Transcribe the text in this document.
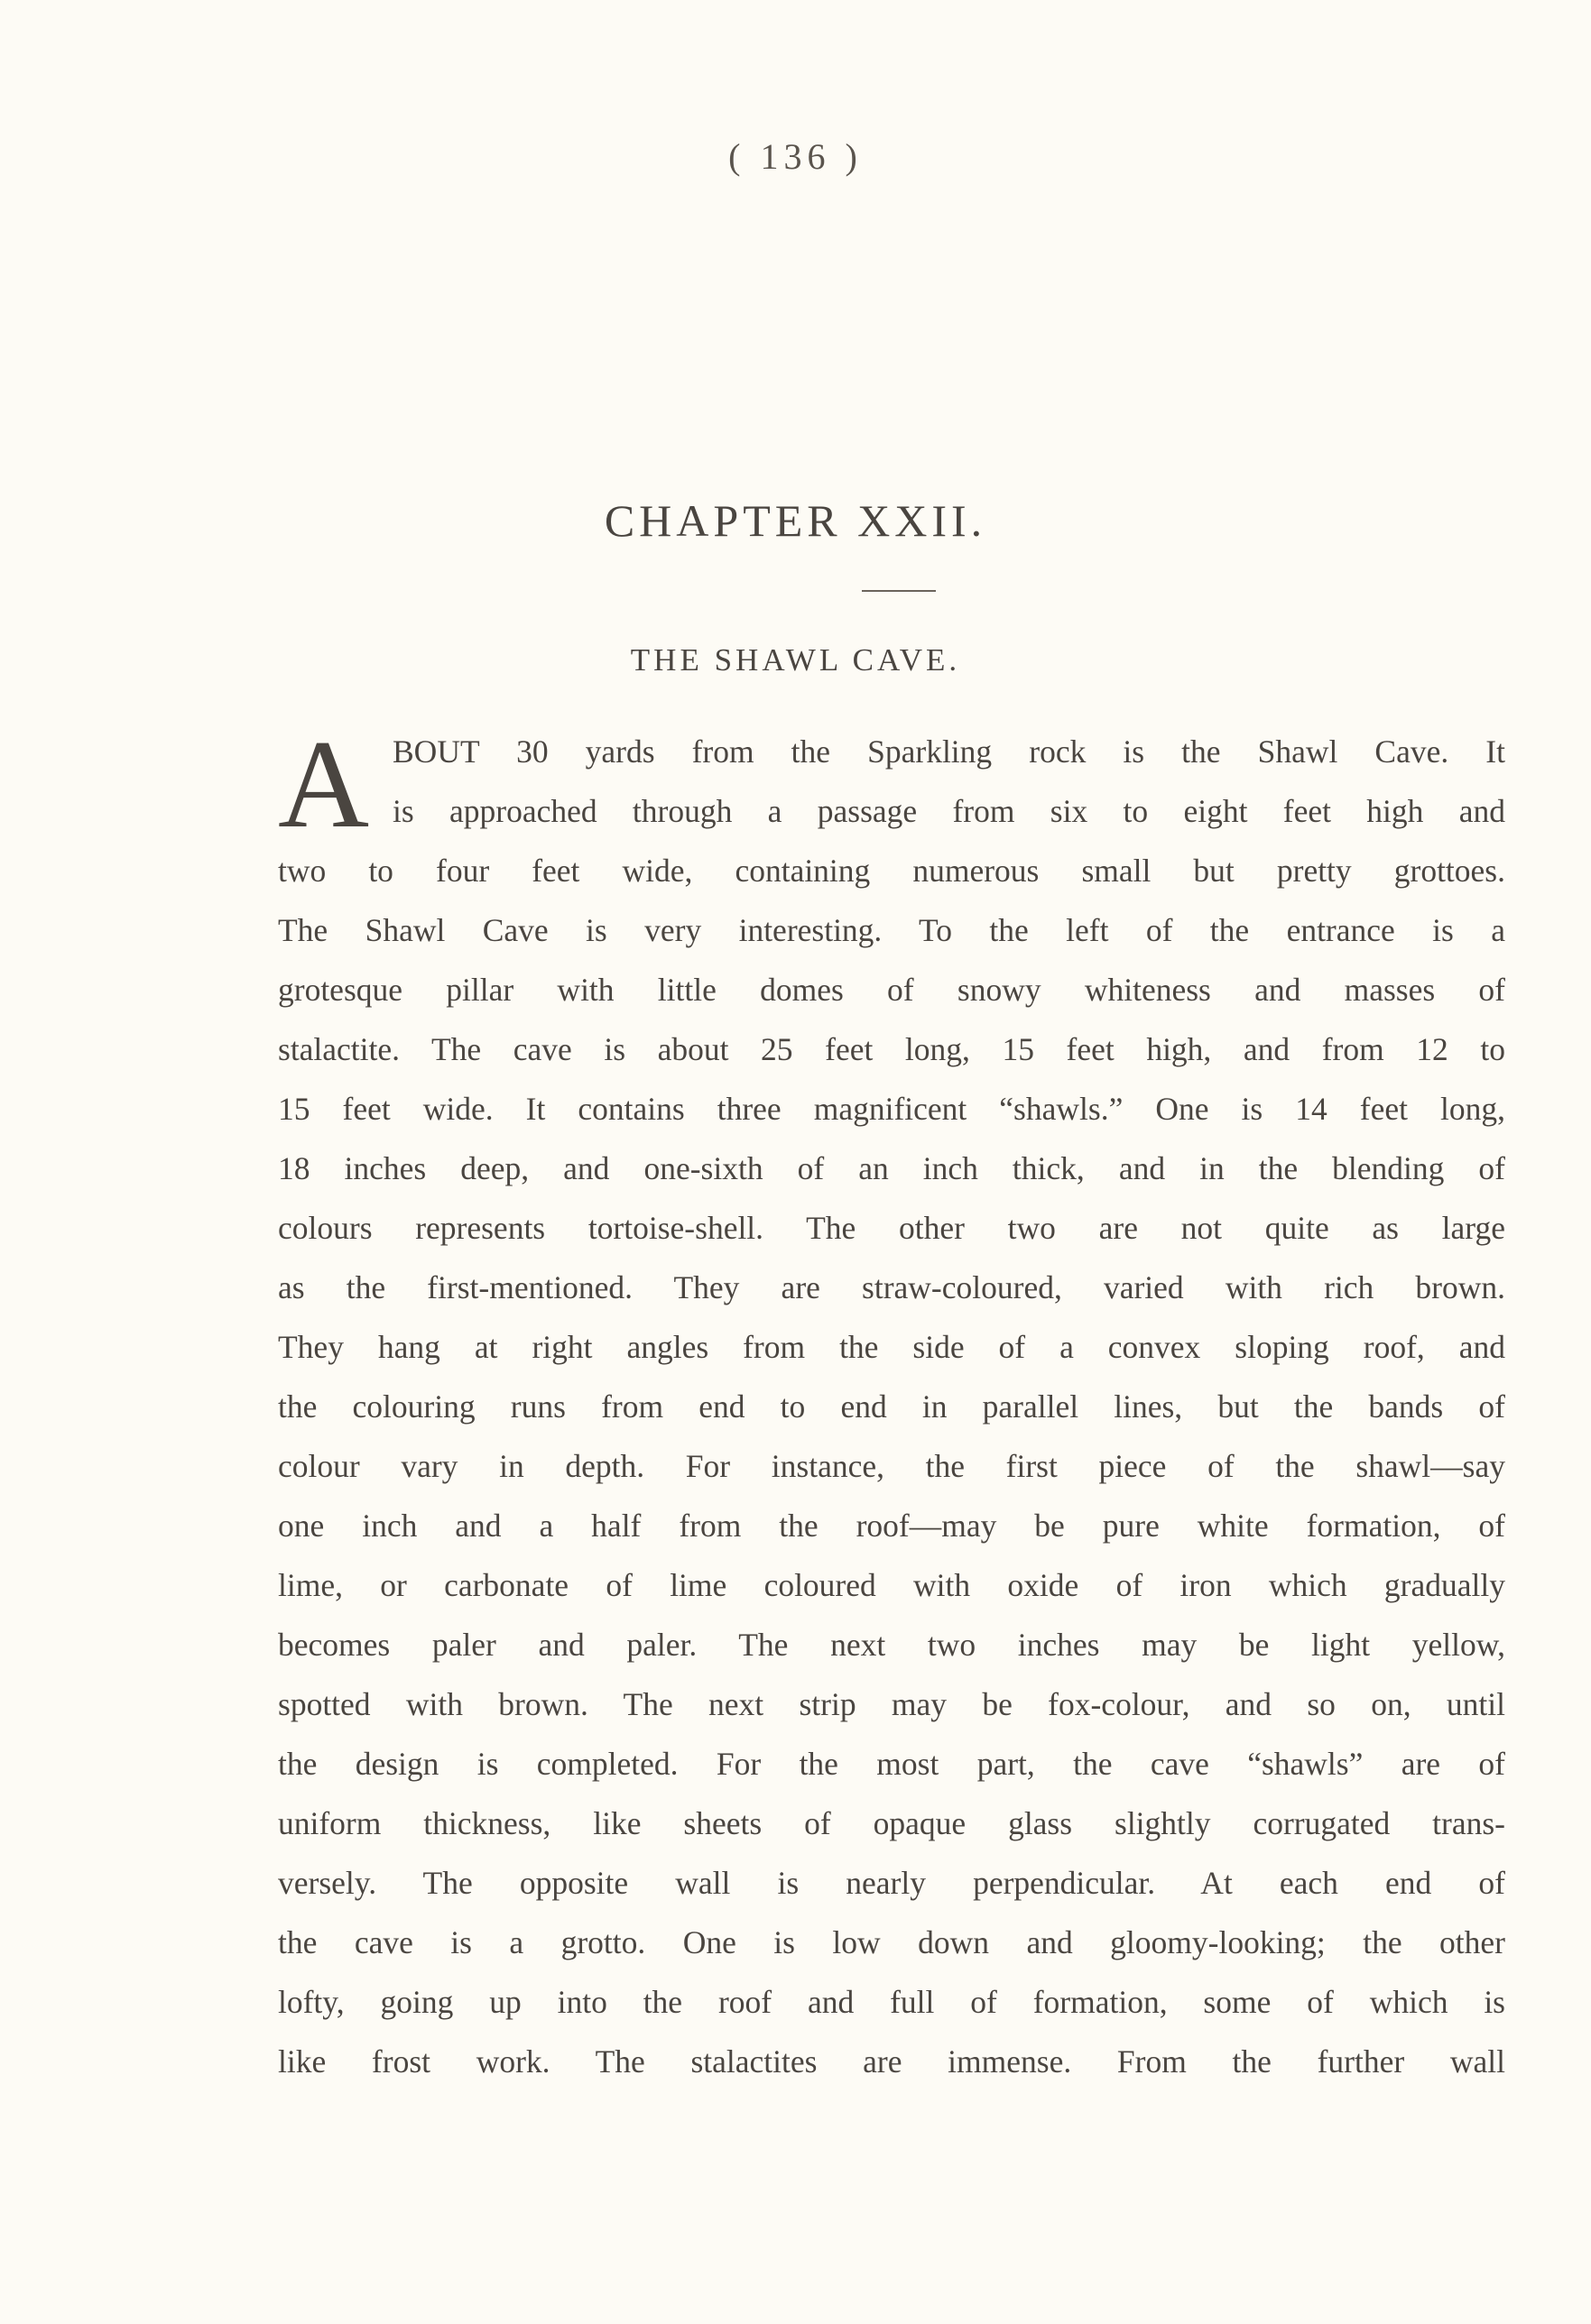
( 136 )
CHAPTER XXII.
THE SHAWL CAVE.
A BOUT 30 yards from the Sparkling rock is the Shawl Cave. It
is approached through a passage from six to eight feet high and
two to four feet wide, containing numerous small but pretty grottoes.
The Shawl Cave is very interesting. To the left of the entrance is a
grotesque pillar with little domes of snowy whiteness and masses of
stalactite. The cave is about 25 feet long, 15 feet high, and from 12 to
15 feet wide. It contains three magnificent “shawls.” One is 14 feet long,
18 inches deep, and one-sixth of an inch thick, and in the blending of
colours represents tortoise-shell. The other two are not quite as large
as the first-mentioned. They are straw-coloured, varied with rich brown.
They hang at right angles from the side of a convex sloping roof, and
the colouring runs from end to end in parallel lines, but the bands of
colour vary in depth. For instance, the first piece of the shawl—say
one inch and a half from the roof—may be pure white formation, of
lime, or carbonate of lime coloured with oxide of iron which gradually
becomes paler and paler. The next two inches may be light yellow,
spotted with brown. The next strip may be fox-colour, and so on, until
the design is completed. For the most part, the cave “shawls” are of
uniform thickness, like sheets of opaque glass slightly corrugated trans-
versely. The opposite wall is nearly perpendicular. At each end of
the cave is a grotto. One is low down and gloomy-looking; the other
lofty, going up into the roof and full of formation, some of which is
like frost work. The stalactites are immense. From the further wall
